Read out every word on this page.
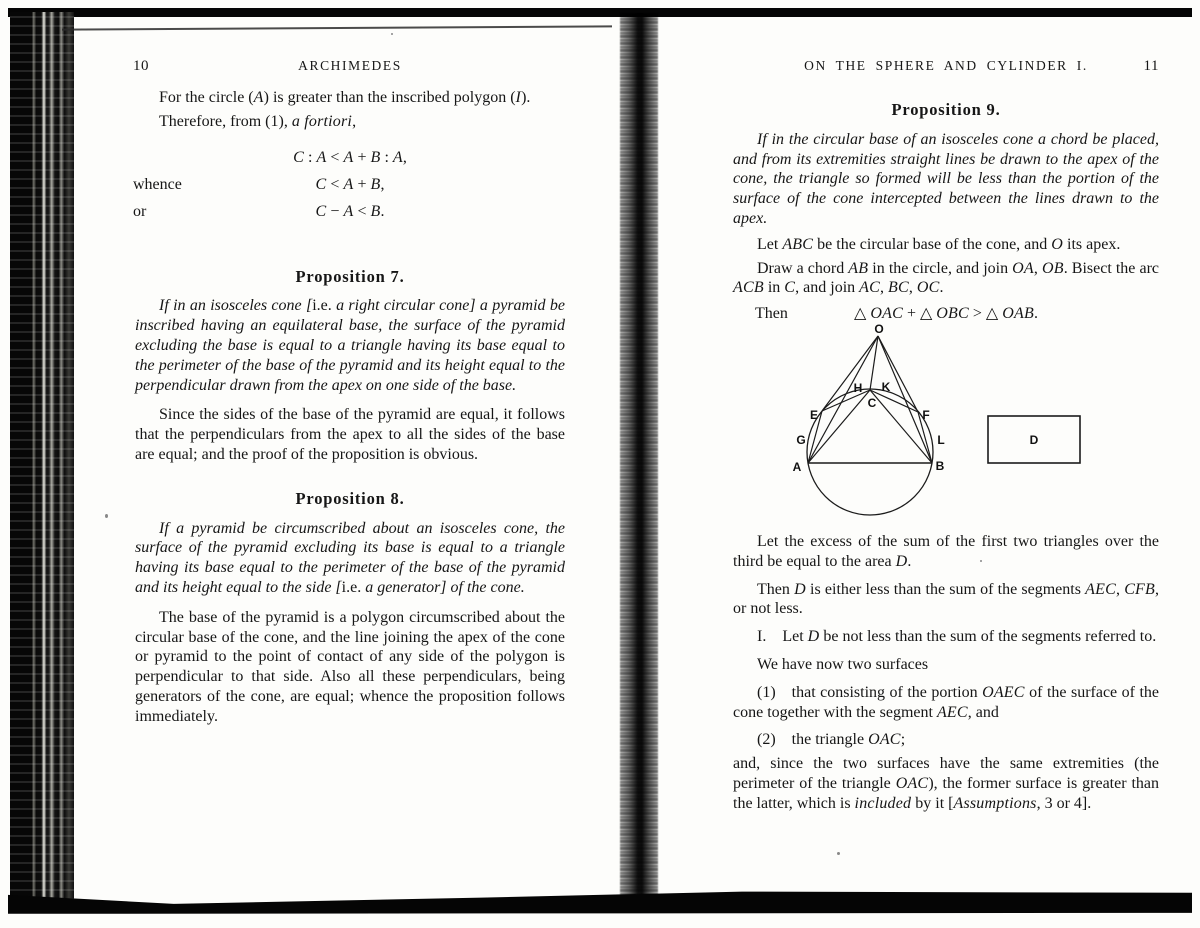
10	ARCHIMEDES

For the circle (A) is greater than the inscribed polygon (I).

Therefore, from (1), a fortiori,

C : A < A + B : A,
whence	C < A + B,
or	C − A < B.

Proposition 7.

If in an isosceles cone [i.e. a right circular cone] a pyramid be inscribed having an equilateral base, the surface of the pyramid excluding the base is equal to a triangle having its base equal to the perimeter of the base of the pyramid and its height equal to the perpendicular drawn from the apex on one side of the base.

Since the sides of the base of the pyramid are equal, it follows that the perpendiculars from the apex to all the sides of the base are equal; and the proof of the proposition is obvious.

Proposition 8.

If a pyramid be circumscribed about an isosceles cone, the surface of the pyramid excluding its base is equal to a triangle having its base equal to the perimeter of the base of the pyramid and its height equal to the side [i.e. a generator] of the cone.

The base of the pyramid is a polygon circumscribed about the circular base of the cone, and the line joining the apex of the cone or pyramid to the point of contact of any side of the polygon is perpendicular to that side. Also all these perpendiculars, being generators of the cone, are equal; whence the proposition follows immediately.

ON THE SPHERE AND CYLINDER I.	11

Proposition 9.

If in the circular base of an isosceles cone a chord be placed, and from its extremities straight lines be drawn to the apex of the cone, the triangle so formed will be less than the portion of the surface of the cone intercepted between the lines drawn to the apex.

Let ABC be the circular base of the cone, and O its apex.

Draw a chord AB in the circle, and join OA, OB. Bisect the arc ACB in C, and join AC, BC, OC.

Then	△ OAC + △ OBC > △ OAB.
O
H K
C
E	F
G	L
A	B
D

Let the excess of the sum of the first two triangles over the third be equal to the area D.

Then D is either less than the sum of the segments AEC, CFB, or not less.

I.  Let D be not less than the sum of the segments referred to.

We have now two surfaces

(1)  that consisting of the portion OAEC of the surface of the cone together with the segment AEC, and

(2)  the triangle OAC;

and, since the two surfaces have the same extremities (the perimeter of the triangle OAC), the former surface is greater than the latter, which is included by it [Assumptions, 3 or 4].
